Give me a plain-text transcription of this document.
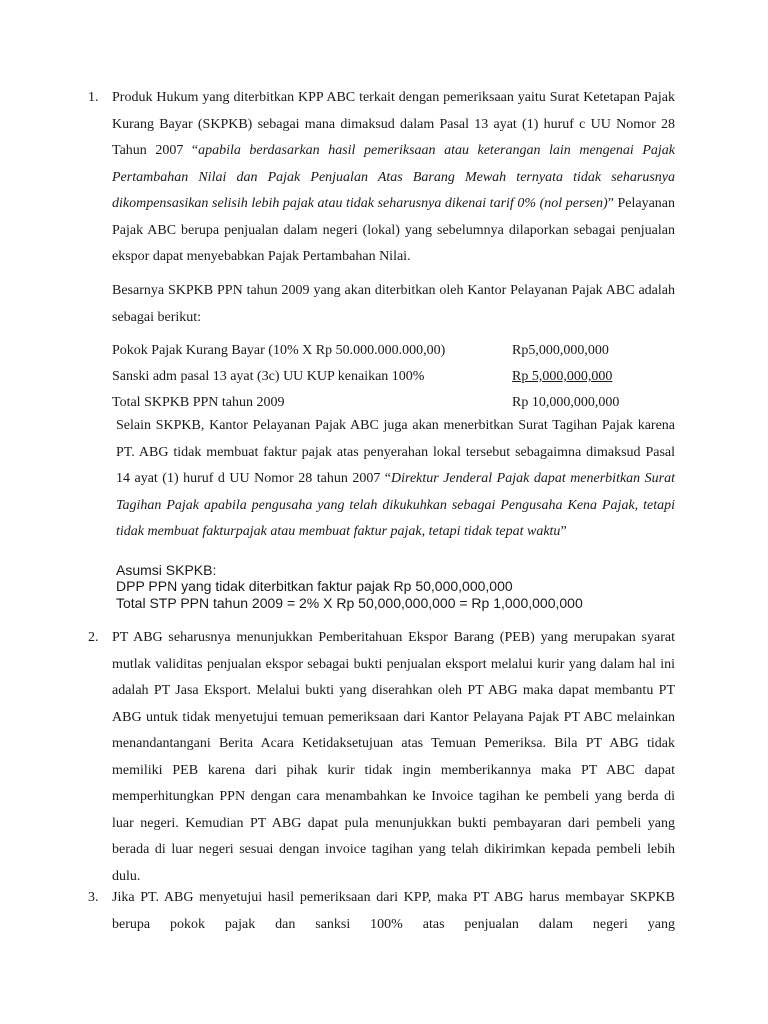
1. Produk Hukum yang diterbitkan KPP ABC terkait dengan pemeriksaan yaitu Surat Ketetapan Pajak Kurang Bayar (SKPKB) sebagai mana dimaksud dalam Pasal 13 ayat (1) huruf c UU Nomor 28 Tahun 2007 “apabila berdasarkan hasil pemeriksaan atau keterangan lain mengenai Pajak Pertambahan Nilai dan Pajak Penjualan Atas Barang Mewah ternyata tidak seharusnya dikompensasikan selisih lebih pajak atau tidak seharusnya dikenai tarif 0% (nol persen)” Pelayanan Pajak ABC berupa penjualan dalam negeri (lokal) yang sebelumnya dilaporkan sebagai penjualan ekspor dapat menyebabkan Pajak Pertambahan Nilai.
Besarnya SKPKB PPN tahun 2009 yang akan diterbitkan oleh Kantor Pelayanan Pajak ABC adalah sebagai berikut:
Pokok Pajak Kurang Bayar (10% X Rp 50.000.000.000,00)	Rp5,000,000,000
Sanski adm pasal 13 ayat (3c) UU KUP kenaikan 100%	Rp 5,000,000,000
Total SKPKB PPN tahun 2009	Rp 10,000,000,000
Selain SKPKB, Kantor Pelayanan Pajak ABC juga akan menerbitkan Surat Tagihan Pajak karena PT. ABG tidak membuat faktur pajak atas penyerahan lokal tersebut sebagaimna dimaksud Pasal 14 ayat (1) huruf d UU Nomor 28 tahun 2007 “Direktur Jenderal Pajak dapat menerbitkan Surat Tagihan Pajak apabila pengusaha yang telah dikukuhkan sebagai Pengusaha Kena Pajak, tetapi tidak membuat fakturpajak atau membuat faktur pajak, tetapi tidak tepat waktu”
Asumsi SKPKB:
DPP PPN yang tidak diterbitkan faktur pajak Rp 50,000,000,000
Total STP PPN tahun 2009 = 2% X Rp 50,000,000,000 = Rp 1,000,000,000
2. PT ABG seharusnya menunjukkan Pemberitahuan Ekspor Barang (PEB) yang merupakan syarat mutlak validitas penjualan ekspor sebagai bukti penjualan eksport melalui kurir yang dalam hal ini adalah PT Jasa Eksport. Melalui bukti yang diserahkan oleh PT ABG maka dapat membantu PT ABG untuk tidak menyetujui temuan pemeriksaan dari Kantor Pelayana Pajak PT ABC melainkan menandantangani Berita Acara Ketidaksetujuan atas Temuan Pemeriksa. Bila PT ABG tidak memiliki PEB karena dari pihak kurir tidak ingin memberikannya maka PT ABC dapat memperhitungkan PPN dengan cara menambahkan ke Invoice tagihan ke pembeli yang berda di luar negeri. Kemudian PT ABG dapat pula menunjukkan bukti pembayaran dari pembeli yang berada di luar negeri sesuai dengan invoice tagihan yang telah dikirimkan kepada pembeli lebih dulu.
3. Jika PT. ABG menyetujui hasil pemeriksaan dari KPP, maka PT ABG harus membayar SKPKB berupa pokok pajak dan sanksi 100% atas penjualan dalam negeri yang
